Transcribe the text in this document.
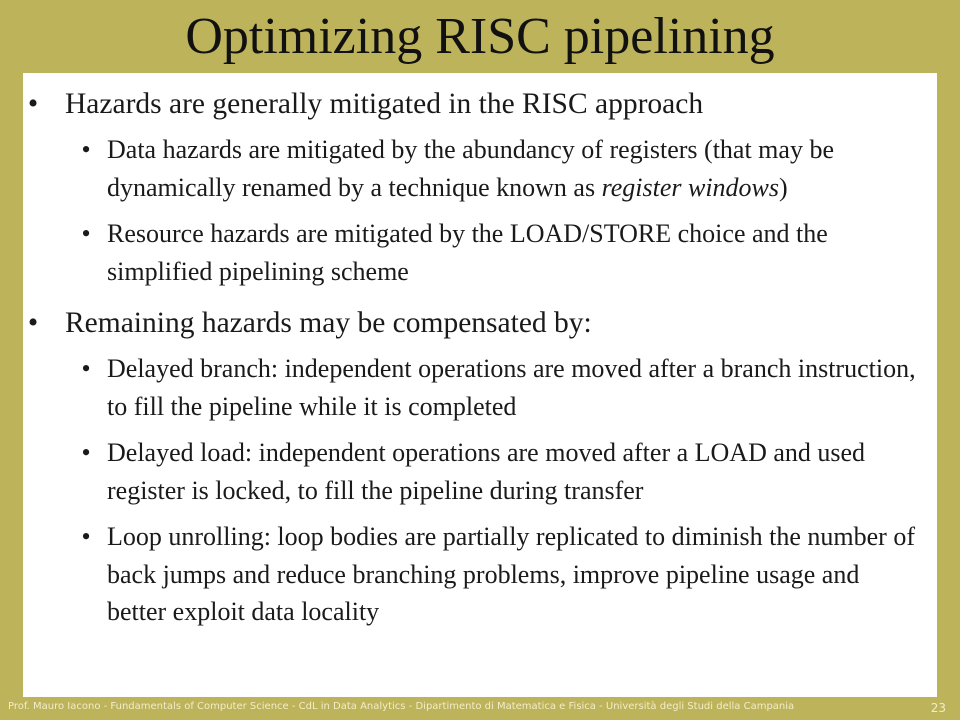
Optimizing RISC pipelining
• Hazards are generally mitigated in the RISC approach
• Data hazards are mitigated by the abundancy of registers (that may be dynamically renamed by a technique known as register windows)
• Resource hazards are mitigated by the LOAD/STORE choice and the simplified pipelining scheme
• Remaining hazards may be compensated by:
• Delayed branch: independent operations are moved after a branch instruction, to fill the pipeline while it is completed
• Delayed load: independent operations are moved after a LOAD and used register is locked, to fill the pipeline during transfer
• Loop unrolling: loop bodies are partially replicated to diminish the number of back jumps and reduce branching problems, improve pipeline usage and better exploit data locality
Prof. Mauro Iacono - Fundamentals of Computer Science - CdL in Data Analytics - Dipartimento di Matematica e Fisica - Università degli Studi della Campania	23
